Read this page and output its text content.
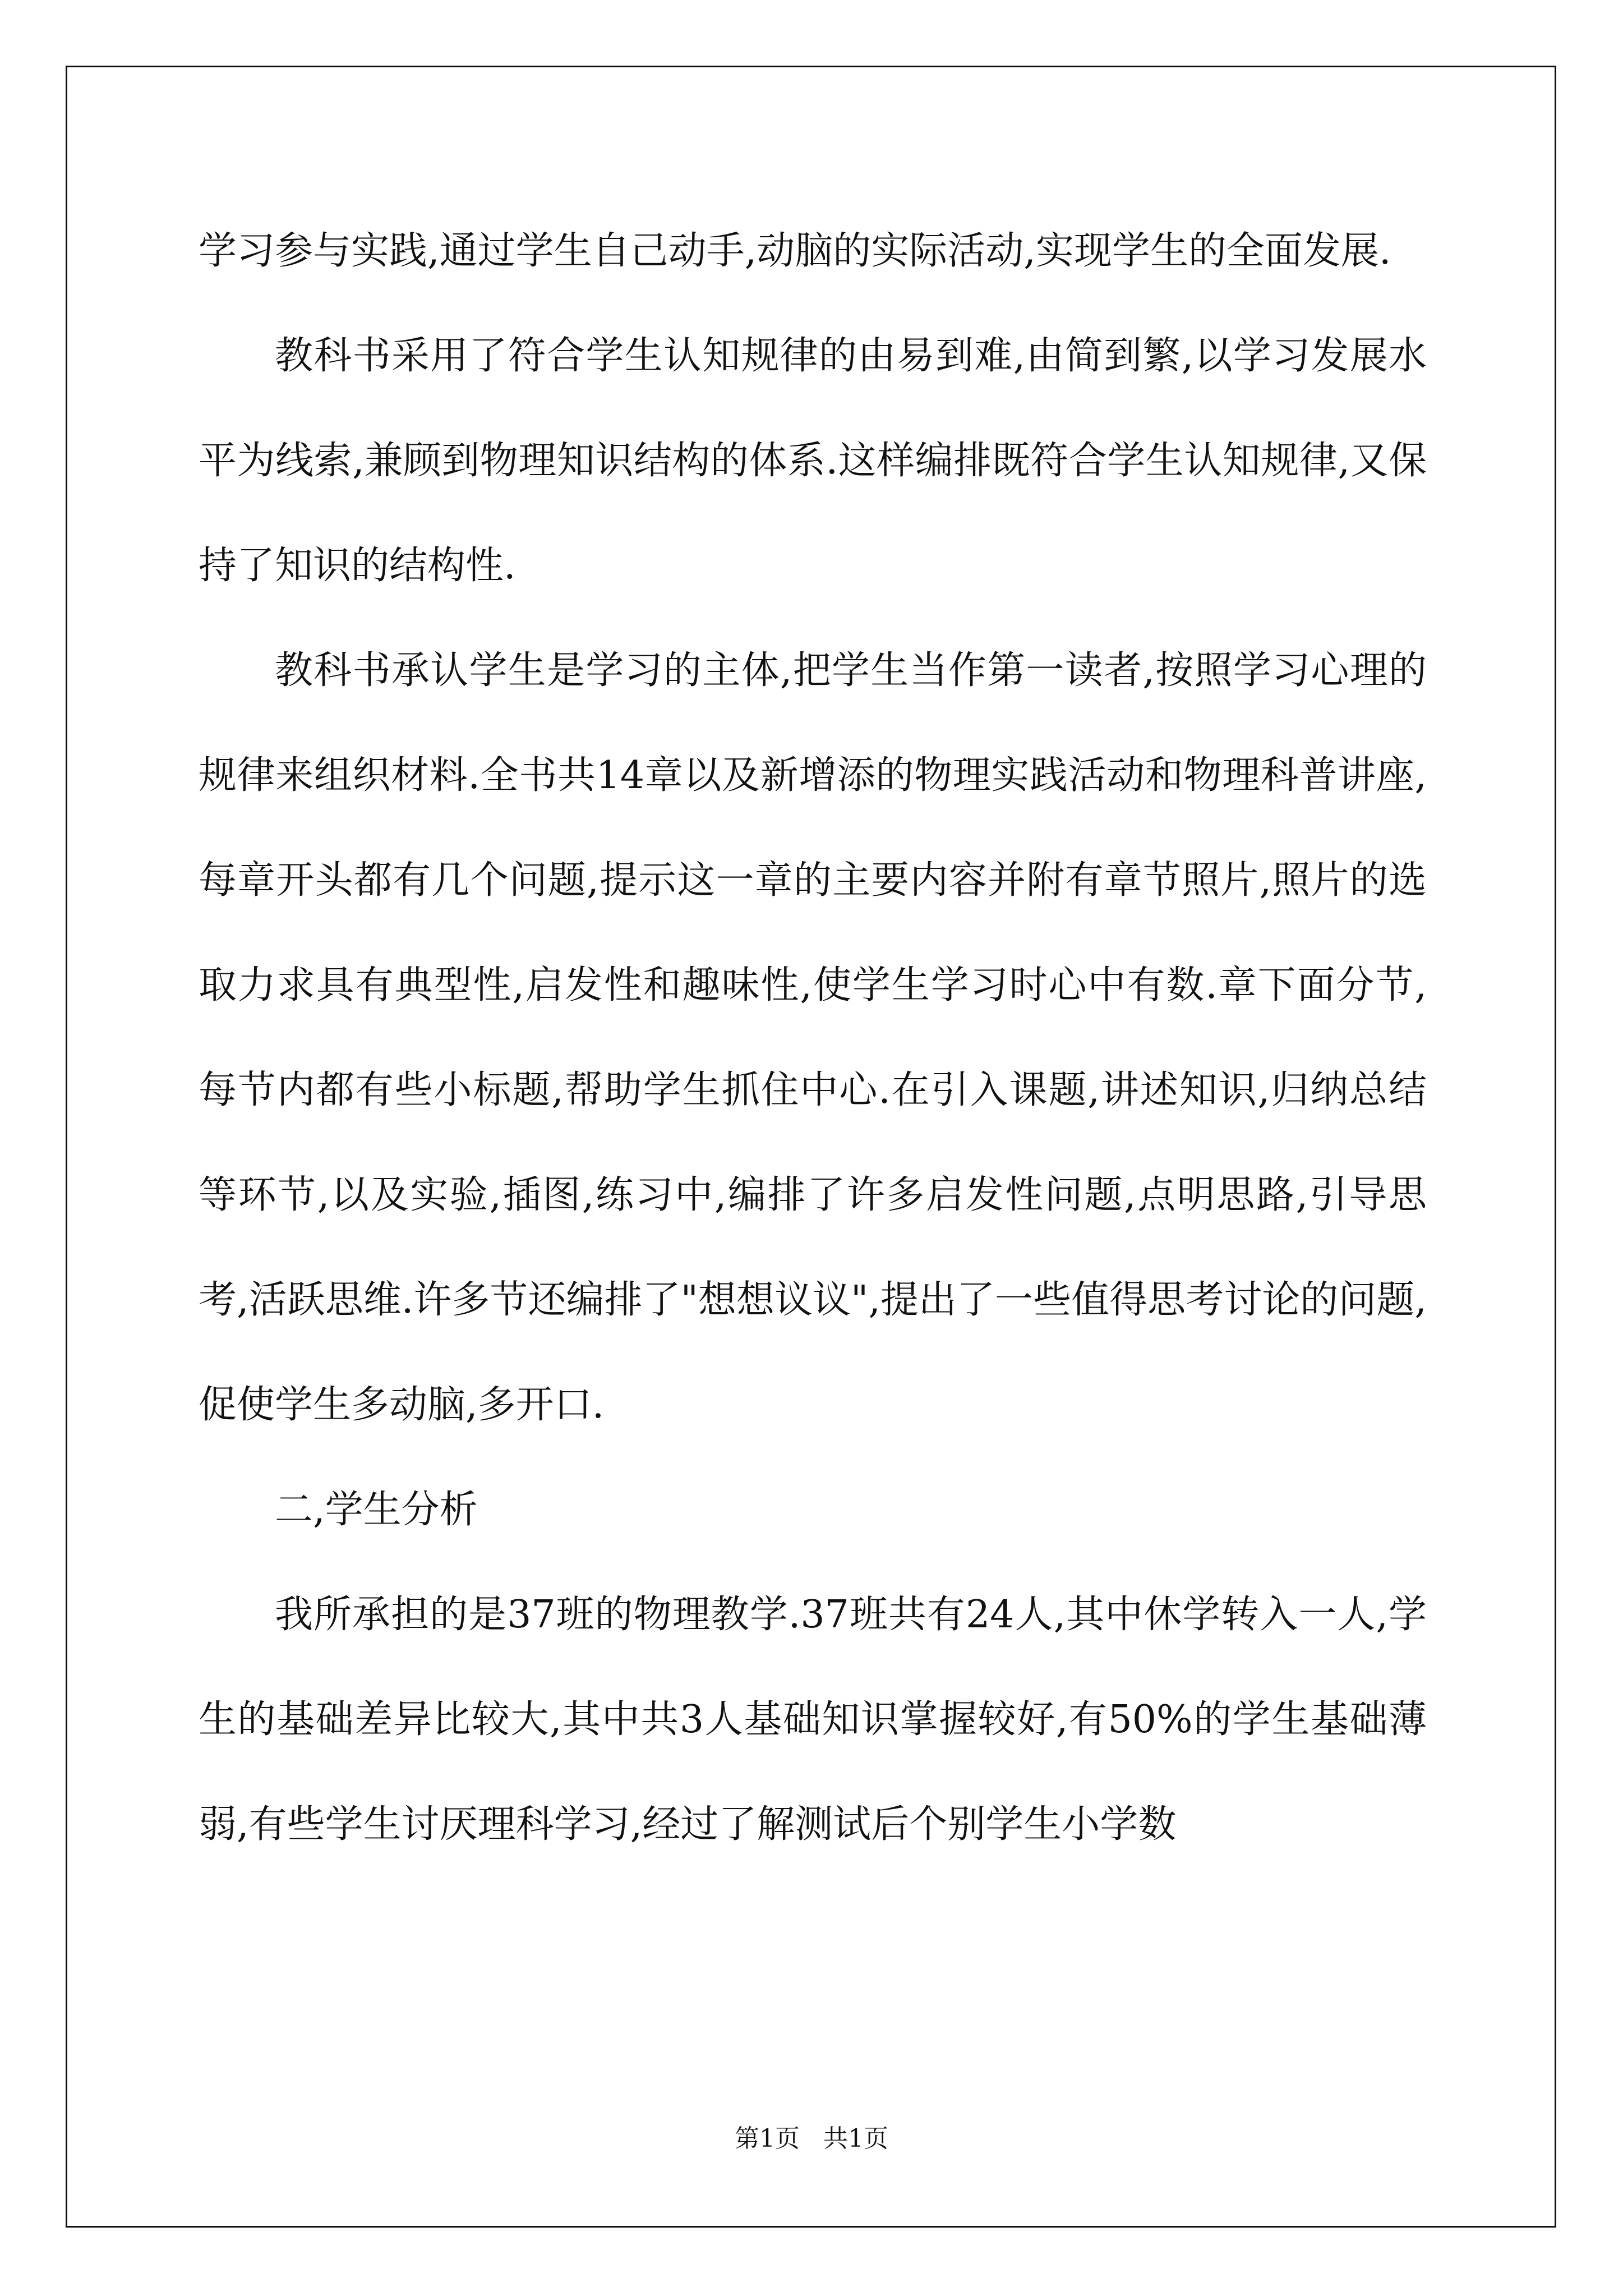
学习参与实践,通过学生自己动手,动脑的实际活动,实现学生的全面发展.

教科书采用了符合学生认知规律的由易到难,由简到繁,以学习发展水平为线索,兼顾到物理知识结构的体系.这样编排既符合学生认知规律,又保持了知识的结构性.

教科书承认学生是学习的主体,把学生当作第一读者,按照学习心理的规律来组织材料.全书共14章以及新增添的物理实践活动和物理科普讲座,每章开头都有几个问题,提示这一章的主要内容并附有章节照片,照片的选取力求具有典型性,启发性和趣味性,使学生学习时心中有数.章下面分节,每节内都有些小标题,帮助学生抓住中心.在引入课题,讲述知识,归纳总结等环节,以及实验,插图,练习中,编排了许多启发性问题,点明思路,引导思考,活跃思维.许多节还编排了"想想议议",提出了一些值得思考讨论的问题,促使学生多动脑,多开口.

二,学生分析

我所承担的是37班的物理教学.37班共有24人,其中休学转入一人,学生的基础差异比较大,其中共3人基础知识掌握较好,有50%的学生基础薄弱,有些学生讨厌理科学习,经过了解测试后个别学生小学数

第1页 共1页
